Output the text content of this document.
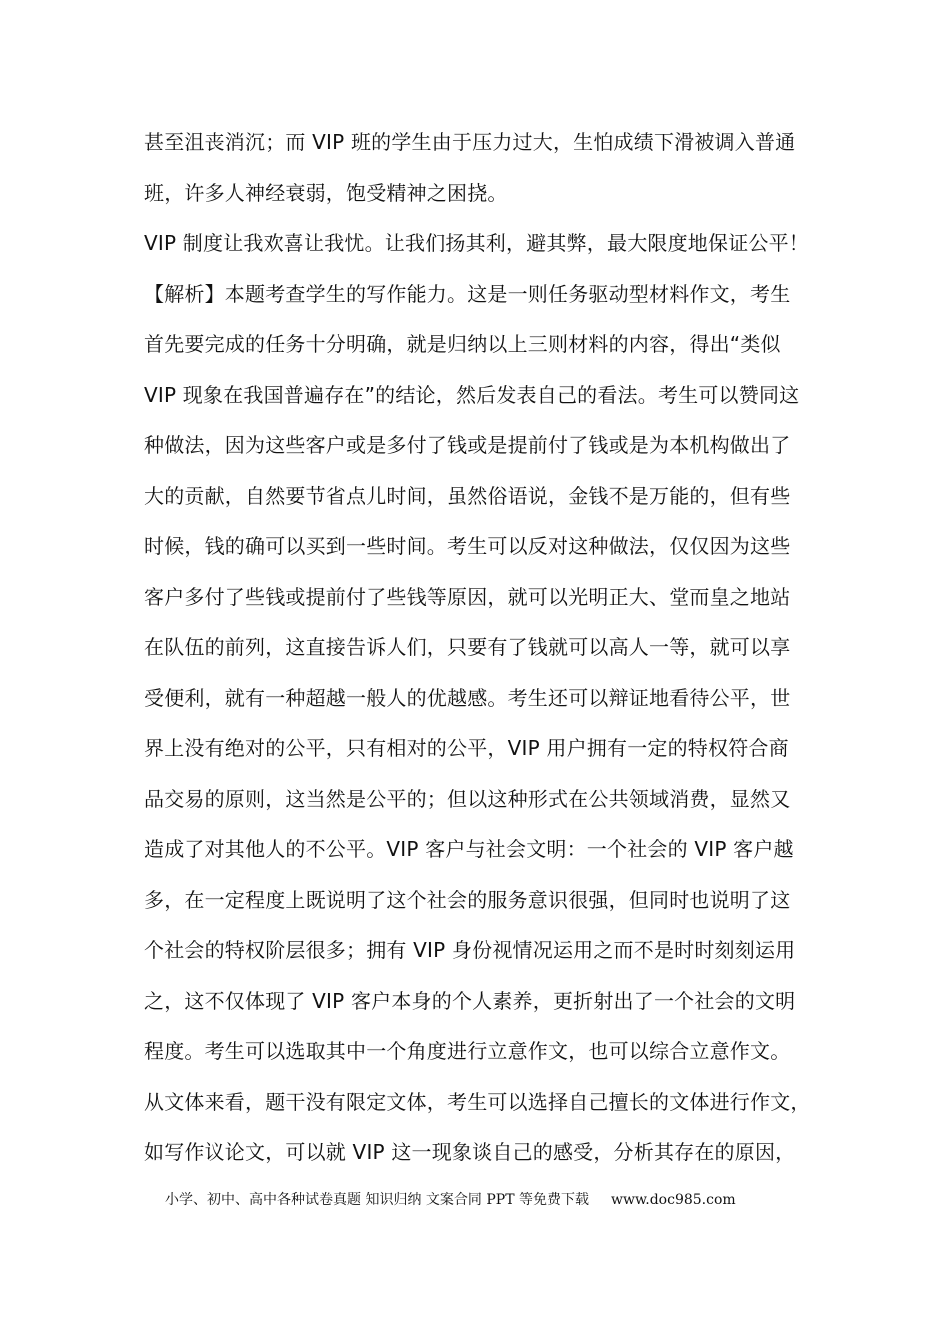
甚至沮丧消沉；而 VIP 班的学生由于压力过大，生怕成绩下滑被调入普通
班，许多人神经衰弱，饱受精神之困挠。
VIP 制度让我欢喜让我忧。让我们扬其利，避其弊，最大限度地保证公平！
【解析】本题考查学生的写作能力。这是一则任务驱动型材料作文，考生
首先要完成的任务十分明确，就是归纳以上三则材料的内容，得出“类似
VIP 现象在我国普遍存在”的结论，然后发表自己的看法。考生可以赞同这
种做法，因为这些客户或是多付了钱或是提前付了钱或是为本机构做出了
大的贡献，自然要节省点儿时间，虽然俗语说，金钱不是万能的，但有些
时候，钱的确可以买到一些时间。考生可以反对这种做法，仅仅因为这些
客户多付了些钱或提前付了些钱等原因，就可以光明正大、堂而皇之地站
在队伍的前列，这直接告诉人们，只要有了钱就可以高人一等，就可以享
受便利，就有一种超越一般人的优越感。考生还可以辩证地看待公平，世
界上没有绝对的公平，只有相对的公平，VIP 用户拥有一定的特权符合商
品交易的原则，这当然是公平的；但以这种形式在公共领域消费，显然又
造成了对其他人的不公平。VIP 客户与社会文明：一个社会的 VIP 客户越
多，在一定程度上既说明了这个社会的服务意识很强，但同时也说明了这
个社会的特权阶层很多；拥有 VIP 身份视情况运用之而不是时时刻刻运用
之，这不仅体现了 VIP 客户本身的个人素养，更折射出了一个社会的文明
程度。考生可以选取其中一个角度进行立意作文，也可以综合立意作文。
从文体来看，题干没有限定文体，考生可以选择自己擅长的文体进行作文，
如写作议论文，可以就 VIP 这一现象谈自己的感受，分析其存在的原因，
小学、初中、高中各种试卷真题 知识归纳 文案合同 PPT 等免费下载 www.doc985.com
